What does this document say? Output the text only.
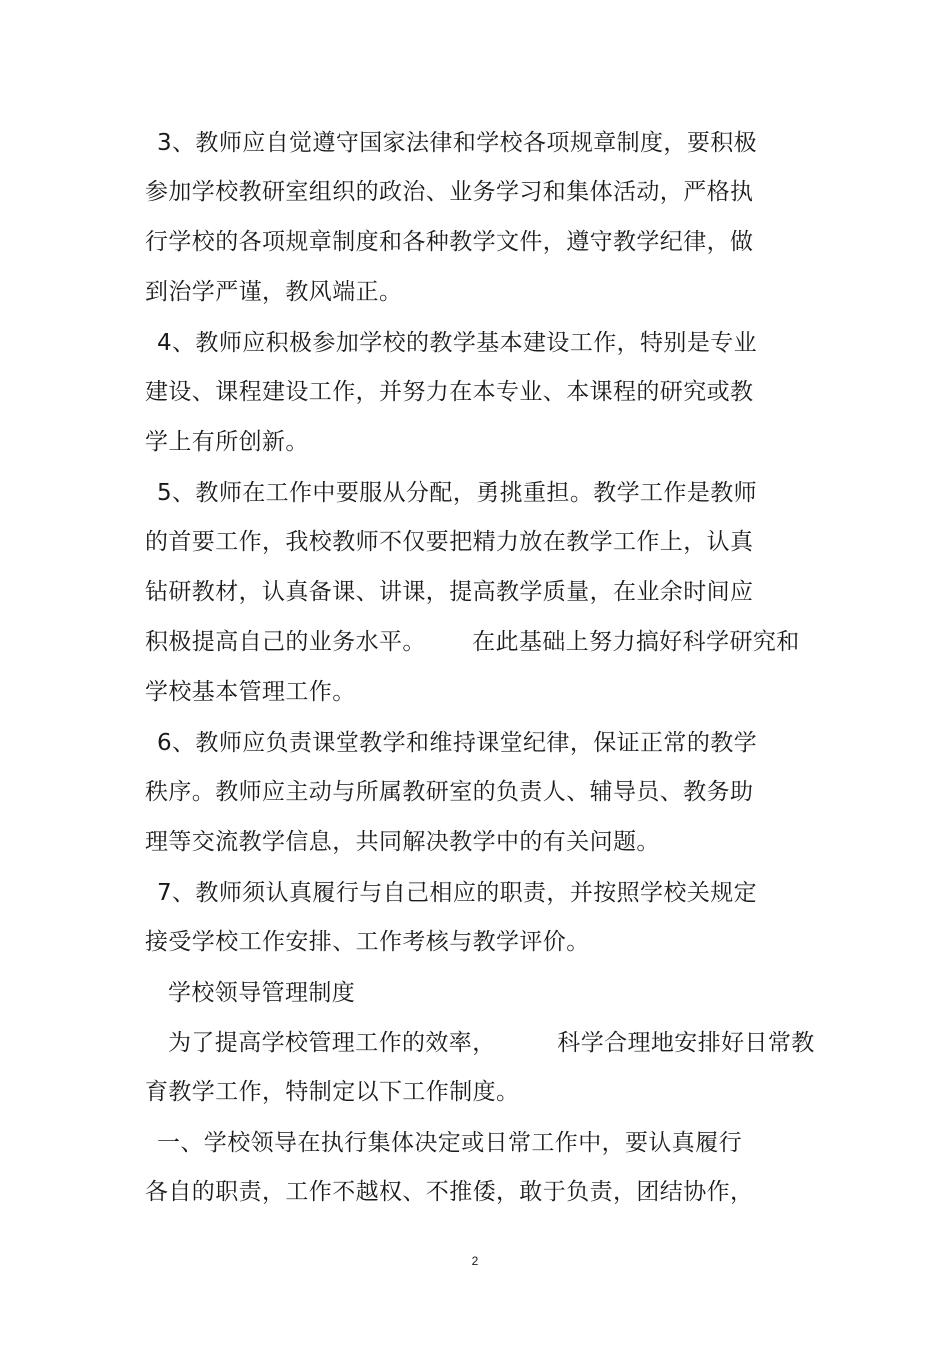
3、教师应自觉遵守国家法律和学校各项规章制度，要积极
参加学校教研室组织的政治、业务学习和集体活动，严格执
行学校的各项规章制度和各种教学文件，遵守教学纪律，做
到治学严谨，教风端正。
4、教师应积极参加学校的教学基本建设工作，特别是专业
建设、课程建设工作，并努力在本专业、本课程的研究或教
学上有所创新。
5、教师在工作中要服从分配，勇挑重担。教学工作是教师
的首要工作，我校教师不仅要把精力放在教学工作上，认真
钻研教材，认真备课、讲课，提高教学质量，在业余时间应
积极提高自己的业务水平。      在此基础上努力搞好科学研究和
学校基本管理工作。
6、教师应负责课堂教学和维持课堂纪律，保证正常的教学
秩序。教师应主动与所属教研室的负责人、辅导员、教务助
理等交流教学信息，共同解决教学中的有关问题。
7、教师须认真履行与自己相应的职责，并按照学校关规定
接受学校工作安排、工作考核与教学评价。
学校领导管理制度
为了提高学校管理工作的效率，        科学合理地安排好日常教
育教学工作，特制定以下工作制度。
一、学校领导在执行集体决定或日常工作中，要认真履行
各自的职责，工作不越权、不推倭，敢于负责，团结协作，
2
